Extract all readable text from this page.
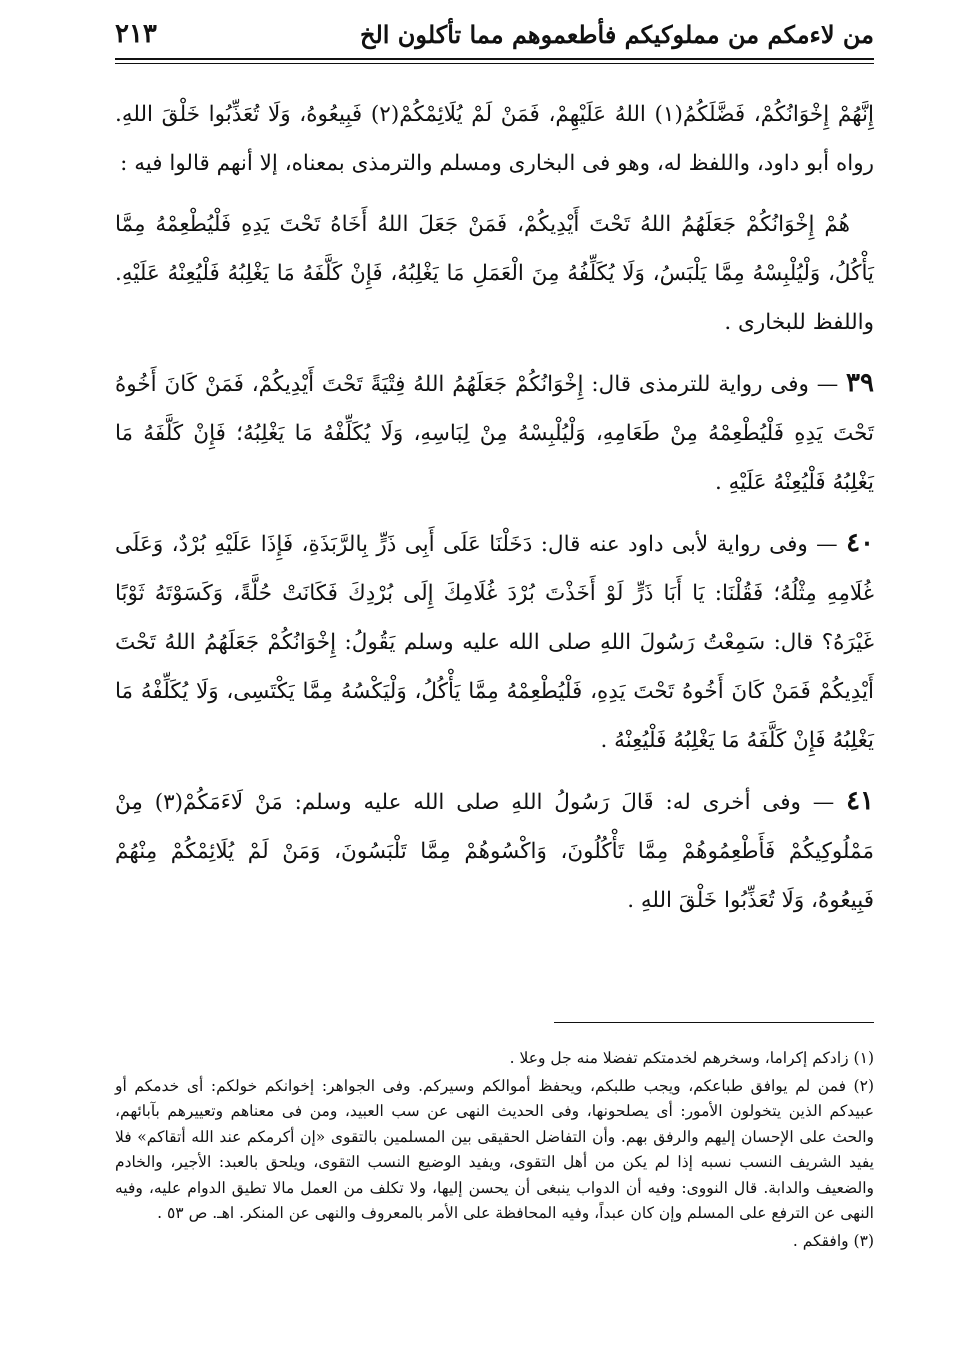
من لاءمكم من مملوكيكم فأطعموهم مما تأكلون الخ
٢١٣

إِنَّهُمْ إِخْوَانُكُمْ، فَضَّلَكُمُ(١) اللهُ عَلَيْهِمْ، فَمَنْ لَمْ يُلَائِمْكُمْ(٢) فَبِيعُوهُ، وَلَا تُعَذِّبُوا خَلْقَ اللهِ. رواه أبو داود، واللفظ له، وهو فى البخارى ومسلم والترمذى بمعناه، إلا أنهم قالوا فيه :

هُمْ إِخْوَانُكُمْ جَعَلَهُمُ اللهُ تَحْتَ أَيْدِيكُمْ، فَمَنْ جَعَلَ اللهُ أَخَاهُ تَحْتَ يَدِهِ فَلْيُطْعِمْهُ مِمَّا يَأْكُلُ، وَلْيُلْبِسْهُ مِمَّا يَلْبَسُ، وَلَا يُكَلِّفُهُ مِنَ الْعَمَلِ مَا يَغْلِبُهُ، فَإِنْ كَلَّفَهُ مَا يَغْلِبُهُ فَلْيُعِنْهُ عَلَيْهِ. واللفظ للبخارى .

٣٩ — وفى رواية للترمذى قال: إِخْوَانُكُمْ جَعَلَهُمُ اللهُ فِتْيَةً تَحْتَ أَيْدِيكُمْ، فَمَنْ كَانَ أَخُوهُ تَحْتَ يَدِهِ فَلْيُطْعِمْهُ مِنْ طَعَامِهِ، وَلْيُلْبِسْهُ مِنْ لِبَاسِهِ، وَلَا يُكَلِّفْهُ مَا يَغْلِبُهُ؛ فَإِنْ كَلَّفَهُ مَا يَغْلِبُهُ فَلْيُعِنْهُ عَلَيْهِ .

٤٠ — وفى رواية لأبى داود عنه قال: دَخَلْنَا عَلَى أَبِى ذَرٍّ بِالرَّبَذَةِ، فَإِذَا عَلَيْهِ بُرْدٌ، وَعَلَى غُلَامِهِ مِثْلُهُ؛ فَقُلْنَا: يَا أَبَا ذَرٍّ لَوْ أَخَذْتَ بُرْدَ غُلَامِكَ إِلَى بُرْدِكَ فَكَانَتْ حُلَّةً، وَكَسَوْتَهُ ثَوْبًا غَيْرَهُ؟ قال: سَمِعْتُ رَسُولَ اللهِ صلى الله عليه وسلم يَقُولُ: إِخْوَانُكُمْ جَعَلَهُمُ اللهُ تَحْتَ أَيْدِيكُمْ فَمَنْ كَانَ أَخُوهُ تَحْتَ يَدِهِ، فَلْيُطْعِمْهُ مِمَّا يَأْكُلُ، وَلْيَكْسُهُ مِمَّا يَكْتَسِى، وَلَا يُكَلِّفْهُ مَا يَغْلِبُهُ فَإِنْ كَلَّفَهُ مَا يَغْلِبُهُ فَلْيُعِنْهُ .

٤١ — وفى أخرى له: قَالَ رَسُولُ اللهِ صلى الله عليه وسلم: مَنْ لَاءَمَكُمْ(٣) مِنْ مَمْلُوكِيكُمْ فَأَطْعِمُوهُمْ مِمَّا تَأْكُلُونَ، وَاكْسُوهُمْ مِمَّا تَلْبَسُونَ، وَمَنْ لَمْ يُلَائِمْكُمْ مِنْهُمْ فَبِيعُوهُ، وَلَا تُعَذِّبُوا خَلْقَ اللهِ .

(١) زادكم إكراما، وسخرهم لخدمتكم تفضلا منه جل وعلا .

(٢) فمن لم يوافق طباعكم، ويجب طلبكم، ويحفظ أموالكم وسيركم. وفى الجواهر: إخوانكم خولكم: أى خدمكم أو عبيدكم الذين يتخولون الأمور: أى يصلحونها، وفى الحديث النهى عن سب العبيد، ومن فى معناهم وتعييرهم بآبائهم، والحث على الإحسان إليهم والرفق بهم. وأن التفاضل الحقيقى بين المسلمين بالتقوى «إن أكرمكم عند الله أتقاكم» فلا يفيد الشريف النسب نسبه إذا لم يكن من أهل التقوى، ويفيد الوضيع النسب التقوى، ويلحق بالعبد: الأجير، والخادم والضعيف والدابة. قال النووى: وفيه أن الدواب ينبغى أن يحسن إليها، ولا تكلف من العمل مالا تطيق الدوام عليه، وفيه النهى عن الترفع على المسلم وإن كان عبداً، وفيه المحافظة على الأمر بالمعروف والنهى عن المنكر. اهـ. ص ٥٣ .

(٣) وافقكم .
